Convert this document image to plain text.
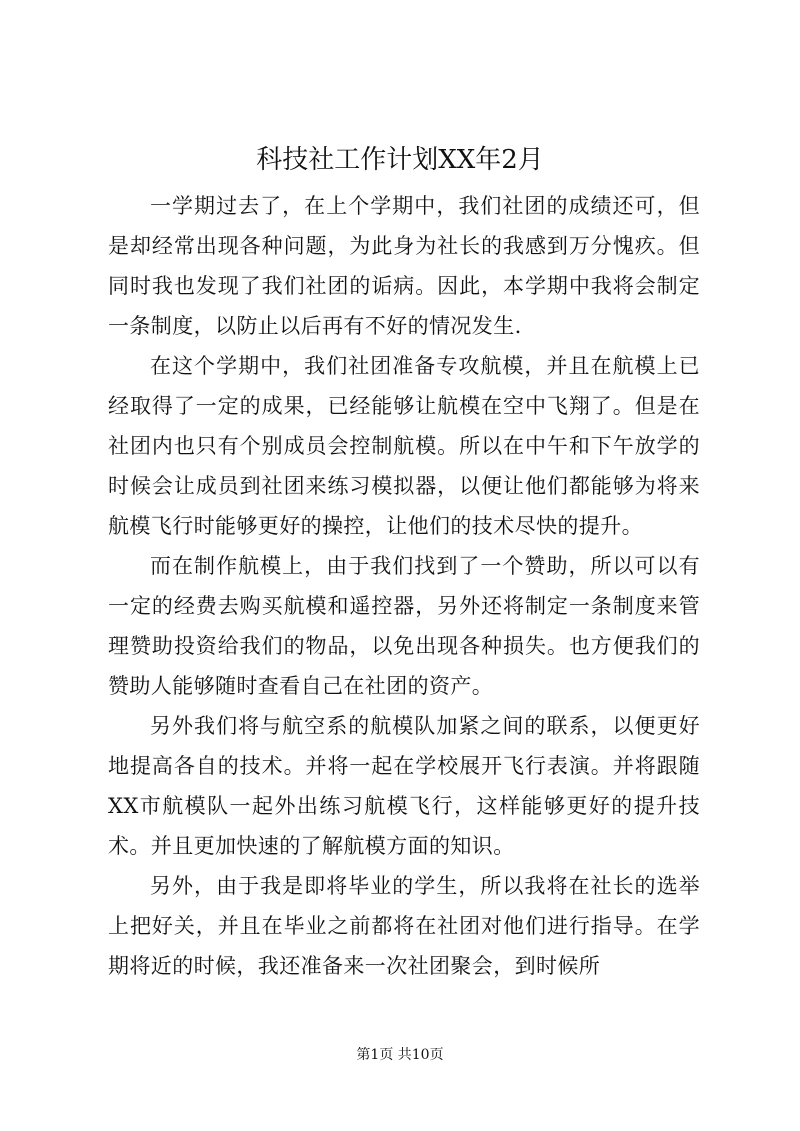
科技社工作计划XX年2月

一学期过去了，在上个学期中，我们社团的成绩还可，但是却经常出现各种问题，为此身为社长的我感到万分愧疚。但同时我也发现了我们社团的诟病。因此，本学期中我将会制定一条制度，以防止以后再有不好的情况发生.

在这个学期中，我们社团准备专攻航模，并且在航模上已经取得了一定的成果，已经能够让航模在空中飞翔了。但是在社团内也只有个别成员会控制航模。所以在中午和下午放学的时候会让成员到社团来练习模拟器，以便让他们都能够为将来航模飞行时能够更好的操控，让他们的技术尽快的提升。

而在制作航模上，由于我们找到了一个赞助，所以可以有一定的经费去购买航模和遥控器，另外还将制定一条制度来管理赞助投资给我们的物品，以免出现各种损失。也方便我们的赞助人能够随时查看自己在社团的资产。

另外我们将与航空系的航模队加紧之间的联系，以便更好地提高各自的技术。并将一起在学校展开飞行表演。并将跟随XX市航模队一起外出练习航模飞行，这样能够更好的提升技术。并且更加快速的了解航模方面的知识。

另外，由于我是即将毕业的学生，所以我将在社长的选举上把好关，并且在毕业之前都将在社团对他们进行指导。在学期将近的时候，我还准备来一次社团聚会，到时候所

第1页 共10页
